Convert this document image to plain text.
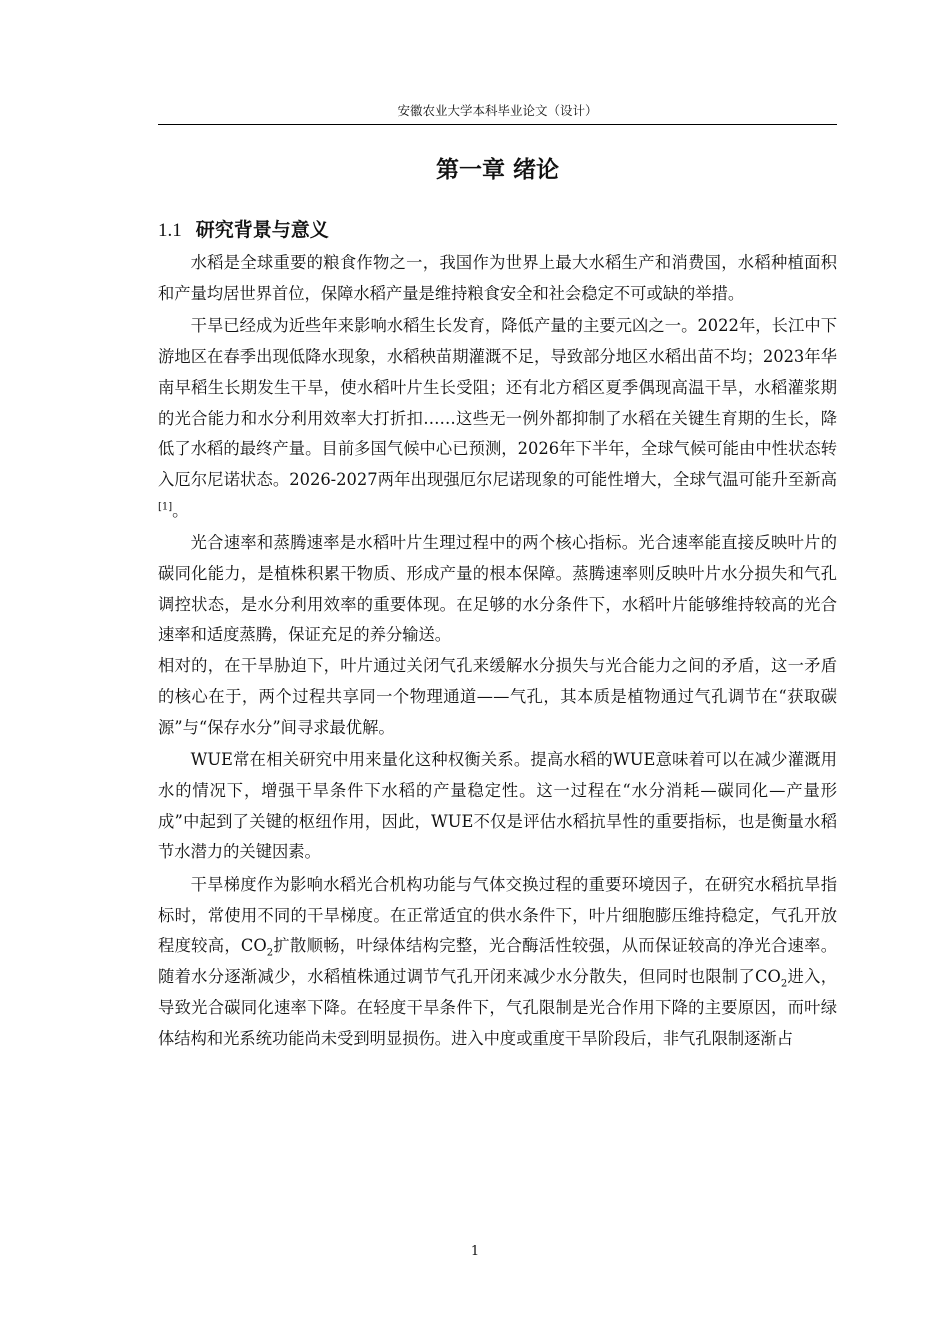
安徽农业大学本科毕业论文（设计）
第一章 绪论
1.1 研究背景与意义

水稻是全球重要的粮食作物之一，我国作为世界上最大水稻生产和消费国，水稻种植面积和产量均居世界首位，保障水稻产量是维持粮食安全和社会稳定不可或缺的举措。

干旱已经成为近些年来影响水稻生长发育，降低产量的主要元凶之一。2022年，长江中下游地区在春季出现低降水现象，水稻秧苗期灌溉不足，导致部分地区水稻出苗不均；2023年华南早稻生长期发生干旱，使水稻叶片生长受阻；还有北方稻区夏季偶现高温干旱，水稻灌浆期的光合能力和水分利用效率大打折扣……这些无一例外都抑制了水稻在关键生育期的生长，降低了水稻的最终产量。目前多国气候中心已预测，2026年下半年，全球气候可能由中性状态转入厄尔尼诺状态。2026-2027两年出现强厄尔尼诺现象的可能性增大，全球气温可能升至新高[1]。

光合速率和蒸腾速率是水稻叶片生理过程中的两个核心指标。光合速率能直接反映叶片的碳同化能力，是植株积累干物质、形成产量的根本保障。蒸腾速率则反映叶片水分损失和气孔调控状态，是水分利用效率的重要体现。在足够的水分条件下，水稻叶片能够维持较高的光合速率和适度蒸腾，保证充足的养分输送。

相对的，在干旱胁迫下，叶片通过关闭气孔来缓解水分损失与光合能力之间的矛盾，这一矛盾的核心在于，两个过程共享同一个物理通道——气孔，其本质是植物通过气孔调节在“获取碳源”与“保存水分”间寻求最优解。

WUE常在相关研究中用来量化这种权衡关系。提高水稻的WUE意味着可以在减少灌溉用水的情况下，增强干旱条件下水稻的产量稳定性。这一过程在“水分消耗—碳同化—产量形成”中起到了关键的枢纽作用，因此，WUE不仅是评估水稻抗旱性的重要指标，也是衡量水稻节水潜力的关键因素。

干旱梯度作为影响水稻光合机构功能与气体交换过程的重要环境因子，在研究水稻抗旱指标时，常使用不同的干旱梯度。在正常适宜的供水条件下，叶片细胞膨压维持稳定，气孔开放程度较高，$CO_2$扩散顺畅，叶绿体结构完整，光合酶活性较强，从而保证较高的净光合速率。随着水分逐渐减少，水稻植株通过调节气孔开闭来减少水分散失，但同时也限制了$CO_2$进入，导致光合碳同化速率下降。在轻度干旱条件下，气孔限制是光合作用下降的主要原因，而叶绿体结构和光系统功能尚未受到明显损伤。进入中度或重度干旱阶段后，非气孔限制逐渐占

1
